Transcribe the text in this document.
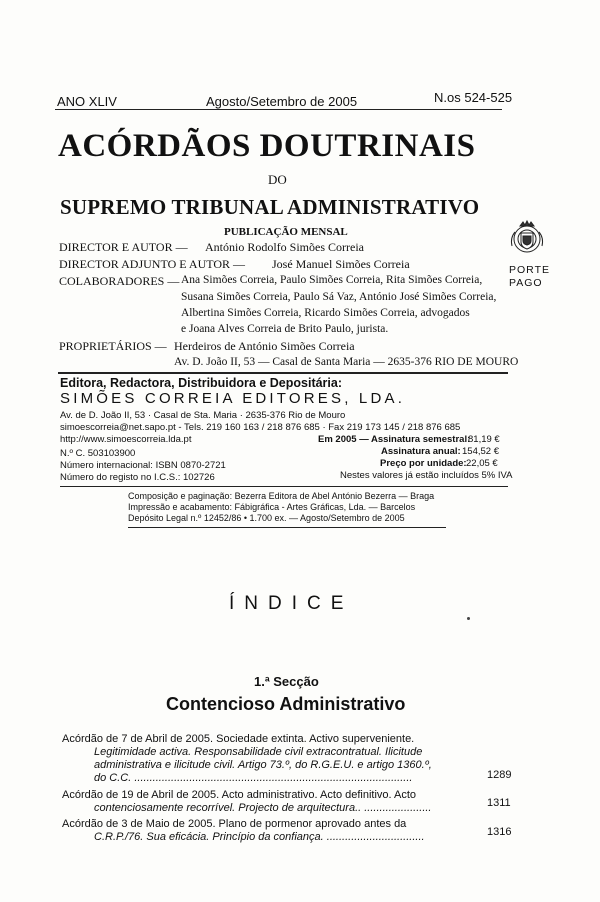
ANO XLIV	Agosto/Setembro de 2005	N.os 524-525
ACÓRDÃOS DOUTRINAIS
DO
SUPREMO TRIBUNAL ADMINISTRATIVO
PUBLICAÇÃO MENSAL
DIRECTOR E AUTOR — António Rodolfo Simões Correia
DIRECTOR ADJUNTO E AUTOR — José Manuel Simões Correia
COLABORADORES — Ana Simões Correia, Paulo Simões Correia, Rita Simões Correia,
Susana Simões Correia, Paulo Sá Vaz, António José Simões Correia,
Albertina Simões Correia, Ricardo Simões Correia, advogados
e Joana Alves Correia de Brito Paulo, jurista.
PROPRIETÁRIOS — Herdeiros de António Simões Correia
Av. D. João II, 53 — Casal de Santa Maria — 2635-376 RIO DE MOURO
PORTE
PAGO
Editora, Redactora, Distribuidora e Depositária:
SIMÕES CORREIA EDITORES, LDA.
Av. de D. João II, 53 · Casal de Sta. Maria · 2635-376 Rio de Mouro
simoescorreia@net.sapo.pt - Tels. 219 160 163 / 218 876 685 · Fax 219 173 145 / 218 876 685
http://www.simoescorreia.lda.pt
N.º C. 503103900
Número internacional: ISBN 0870-2721
Número do registo no I.C.S.: 102726
Em 2005 — Assinatura semestral:
81,19 €
Assinatura anual: 154,52 €
Preço por unidade: 22,05 €
Nestes valores já estão incluídos 5% IVA
Composição e paginação: Bezerra Editora de Abel António Bezerra — Braga
Impressão e acabamento: Fábigráfica - Artes Gráficas, Lda. — Barcelos
Depósito Legal n.º 12452/86 • 1.700 ex. — Agosto/Setembro de 2005
ÍNDICE
1.ª Secção
Contencioso Administrativo
Acórdão de 7 de Abril de 2005. Sociedade extinta. Activo superveniente.
Legitimidade activa. Responsabilidade civil extracontratual. Ilicitude
administrativa e ilicitude civil. Artigo 73.º, do R.G.E.U. e artigo 1360.º,
do C.C. ...........................................................................................	1289
Acórdão de 19 de Abril de 2005. Acto administrativo. Acto definitivo. Acto
contenciosamente recorrível. Projecto de arquitectura.. ......................	1311
Acórdão de 3 de Maio de 2005. Plano de pormenor aprovado antes da
C.R.P./76. Sua eficácia. Princípio da confiança. ................................	1316
